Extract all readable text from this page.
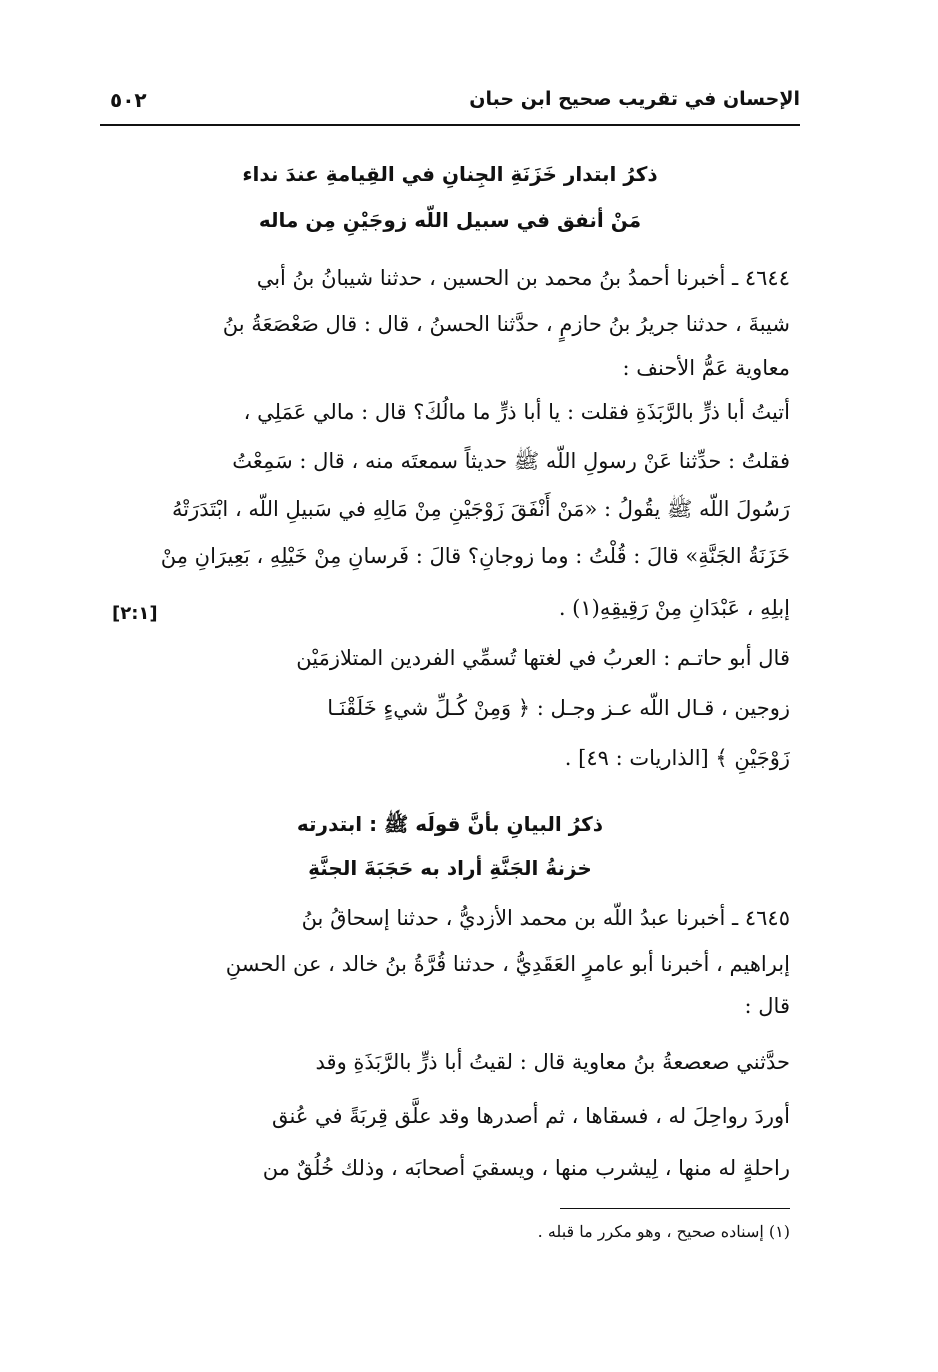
٥٠٢	الإحسان في تقريب صحيح ابن حبان
ذكرُ ابتدار خَزَنَةِ الجِنانِ في القِيامةِ عندَ نداء
مَنْ أنفق في سبيل اللّه زوجَيْنِ مِن ماله
٤٦٤٤ ـ أخبرنا أحمدُ بنُ محمد بن الحسين ، حدثنا شيبانُ بنُ أبي
شيبةَ ، حدثنا جريرُ بنُ حازمٍ ، حدَّثنا الحسنُ ، قال : قال صَعْصَعَةُ بنُ
معاوية عَمُّ الأحنف :
أتيتُ أبا ذرٍّ بالرَّبَذَةِ فقلت : يا أبا ذرٍّ ما مالُكَ؟ قال : مالي عَمَلِي ،
فقلتُ : حدِّثنا عَنْ رسولِ اللّه ﷺ حديثاً سمعتَه منه ، قال : سَمِعْتُ
رَسُولَ اللّه ﷺ يقُولُ : «مَنْ أَنْفَقَ زَوْجَيْنِ مِنْ مَالِهِ في سَبيلِ اللّه ، ابْتَدَرَتْهُ
خَزَنَةُ الجَنَّةِ» قالَ : قُلْتُ : وما زوجانِ؟ قالَ : فَرسانِ مِنْ خَيْلِهِ ، بَعِيرَانِ مِنْ
إبلِهِ ، عَبْدَانِ مِنْ رَقِيقِهِ(١) .
[٢:١]
قال أبو حاتـم : العربُ في لغتها تُسمِّي الفردين المتلازمَيْن
زوجين ، قـال اللّه عـز وجـل : ﴿ وَمِنْ كُـلِّ شيءٍ خَلَقْنَـا
زَوْجَيْنِ ﴾ [الذاريات : ٤٩] .
ذكرُ البيانِ بأنَّ قولَه ﷺ : ابتدرته
خزنةُ الجَنَّةِ أراد به حَجَبَةَ الجنَّةِ
٤٦٤٥ ـ أخبرنا عبدُ اللّه بن محمد الأزديُّ ، حدثنا إسحاقُ بنُ
إبراهيم ، أخبرنا أبو عامرٍ العَقَدِيُّ ، حدثنا قُرَّةُ بنُ خالد ، عن الحسنِ
قال :
حدَّثني صعصعةُ بنُ معاوية قال : لقيتُ أبا ذرٍّ بالرَّبَذَةِ وقد
أوردَ رواحِلَ له ، فسقاها ، ثم أصدرها وقد علَّق قِربَةً في عُنق
راحلةٍ له منها ، لِيشرب منها ، ويسقيَ أصحابَه ، وذلك خُلُقٌ من
(١) إسناده صحيح ، وهو مكرر ما قبله .
